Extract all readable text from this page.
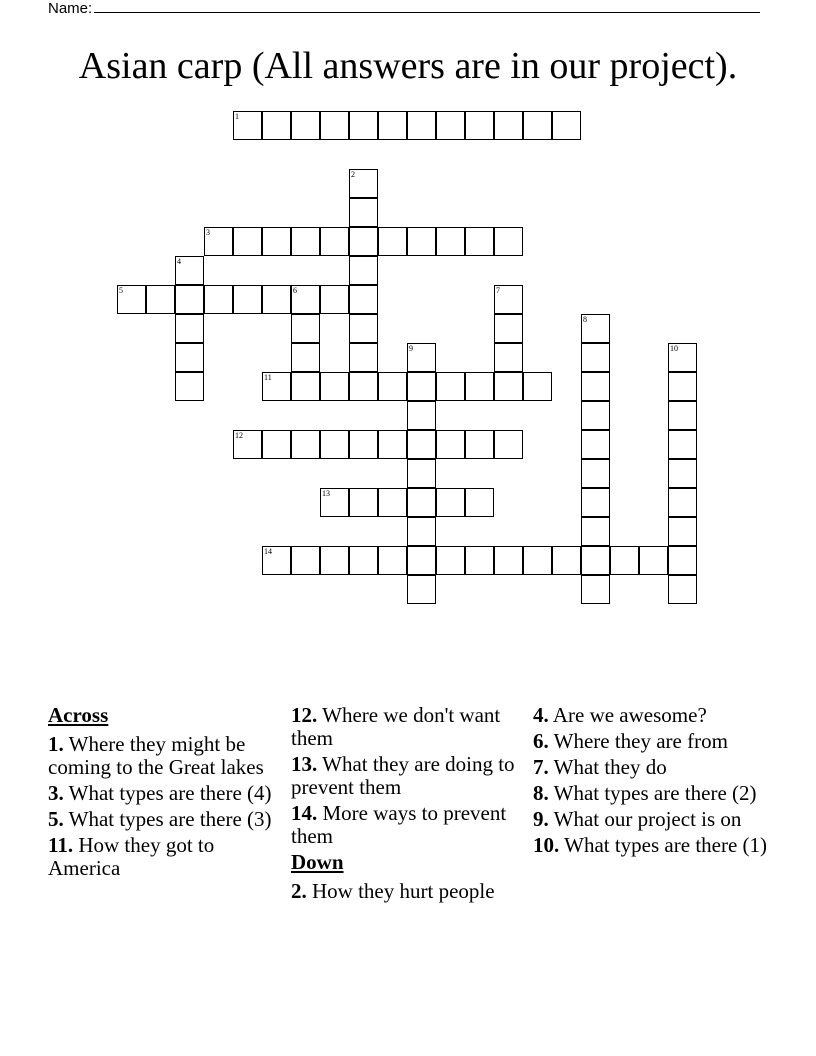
Name:
Asian carp (All answers are in our project).
1
3
5	6
11
12
13
14
2
4
7
8
9	10
Across
1. Where they might be coming to the Great lakes
3. What types are there (4)
5. What types are there (3)
11. How they got to America
12. Where we don't want them
13. What they are doing to prevent them
14. More ways to prevent them
Down
2. How they hurt people
4. Are we awesome?
6. Where they are from
7. What they do
8. What types are there (2)
9. What our project is on
10. What types are there (1)
